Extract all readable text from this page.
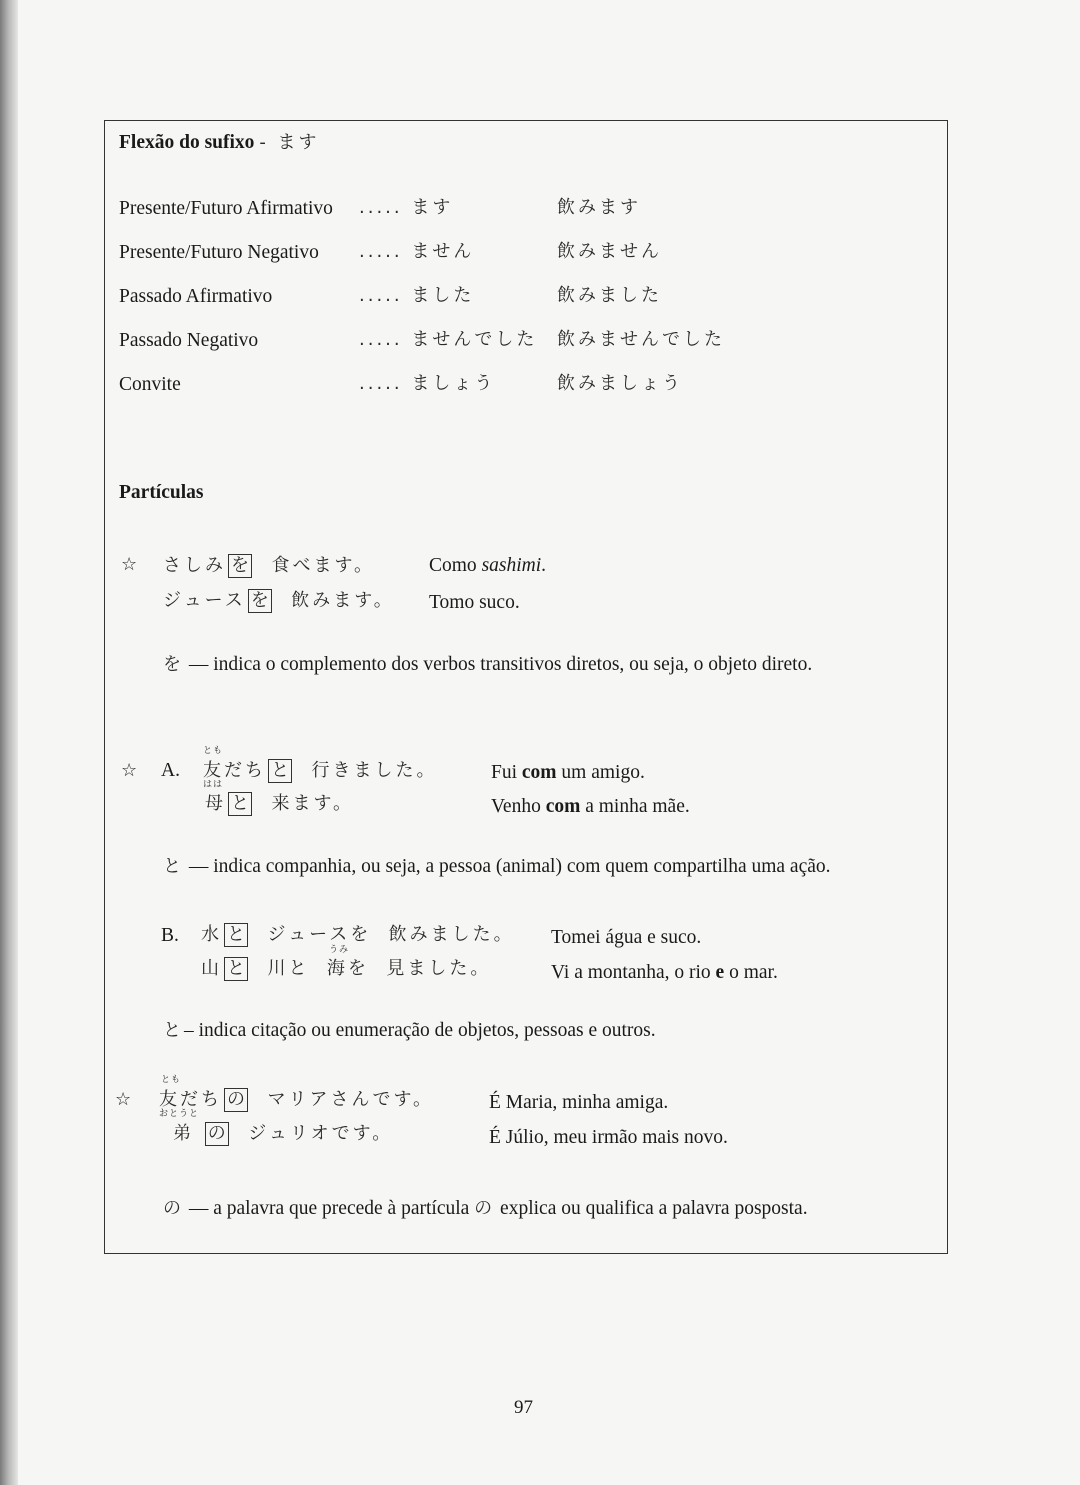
Flexão do sufixo - ます
Presente/Futuro Afirmativo ..... ます	飲みます
Presente/Futuro Negativo ..... ません	飲みません
Passado Afirmativo	..... ました	飲みました
Passado Negativo	..... ませんでした 飲みませんでした
Convite	..... ましょう	飲みましょう
Partículas
☆ さしみ を 食べます。	Como sashimi.
ジュース を 飲みます。 Tomo suco.
を — indica o complemento dos verbos transitivos diretos, ou seja, o objeto direto.
☆ A.
とも
友だち と 行きました。	Fui com um amigo.
はは
母 と 来ます。	Venho com a minha mãe.
と — indica companhia, ou seja, a pessoa (animal) com quem compartilha uma ação.
B. 水 と ジュースを 飲みました。 Tomei água e suco.
うみ
山 と 川と 海を 見ました。	Vi a montanha, o rio e o mar.
と– indica citação ou enumeração de objetos, pessoas e outros.
☆
とも
友だち の マリアさんです。	É Maria, minha amiga.
おとうと
弟 の ジュリオです。	É Júlio, meu irmão mais novo.
の — a palavra que precede à partícula の explica ou qualifica a palavra posposta.
97
